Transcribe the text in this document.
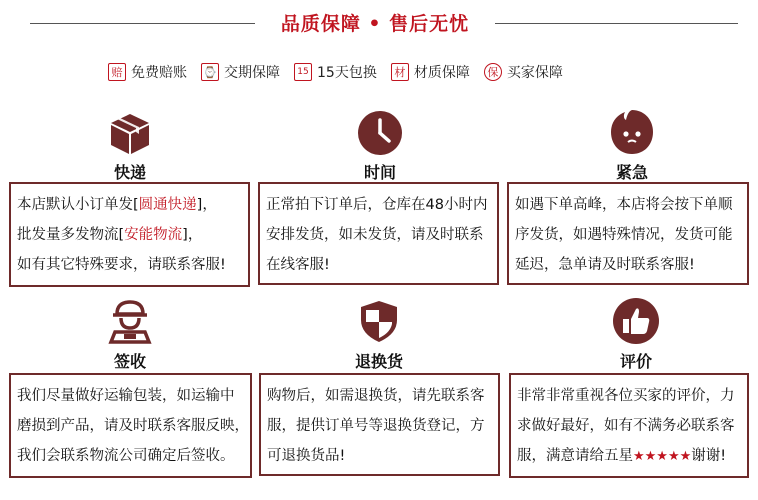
品质保障 • 售后无忧
赔 免费赔账 ⌚ 交期保障	15 15天包换	材 材质保障	保 买家保障
快递	时间	紧急
本店默认小订单发[圆通快递]，
批发量多发物流[安能物流]，
如有其它特殊要求，请联系客服!
正常拍下订单后，仓库在48小时内
安排发货，如未发货，请及时联系
在线客服!
如遇下单高峰，本店将会按下单顺
序发货，如遇特殊情况，发货可能
延迟，急单请及时联系客服!
签收	退换货	评价
我们尽量做好运输包装，如运输中
磨损到产品，请及时联系客服反映，
我们会联系物流公司确定后签收。
购物后，如需退换货，请先联系客
服，提供订单号等退换货登记，方
可退换货品!
非常非常重视各位买家的评价，力
求做好最好，如有不满务必联系客
服，满意请给五星★★★★★谢谢!
